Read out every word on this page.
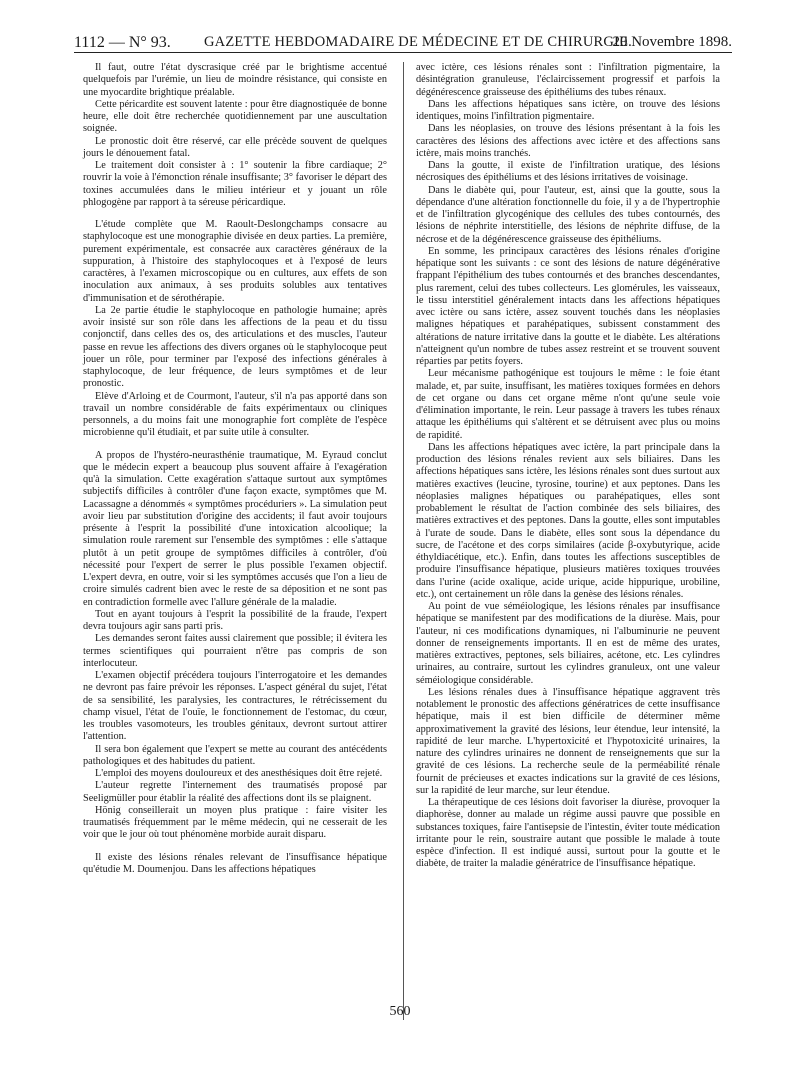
1112 — N° 93. GAZETTE HEBDOMADAIRE DE MÉDECINE ET DE CHIRURGIE.
20 Novembre 1898.

Il faut, outre l'état dyscrasique créé par le brightisme accentué quelquefois par l'urémie, un lieu de moindre résistance, qui consiste en une myocardite brightique préalable.

Cette péricardite est souvent latente : pour être diagnostiquée de bonne heure, elle doit être recherchée quotidiennement par une auscultation soignée.

Le pronostic doit être réservé, car elle précède souvent de quelques jours le dénouement fatal.

Le traitement doit consister à : 1° soutenir la fibre cardiaque; 2° rouvrir la voie à l'émonction rénale insuffisante; 3° favoriser le départ des toxines accumulées dans le milieu intérieur et y jouant un rôle phlogogène par rapport à ta séreuse péricardique.

L'étude complète que M. Raoult-Deslongchamps consacre au staphylocoque est une monographie divisée en deux parties. La première, purement expérimentale, est consacrée aux caractères généraux de la suppuration, à l'histoire des staphylocoques et à l'exposé de leurs caractères, à l'examen microscopique ou en cultures, aux effets de son inoculation aux animaux, à ses produits solubles aux tentatives d'immunisation et de sérothérapie.

La 2e partie étudie le staphylocoque en pathologie humaine; après avoir insisté sur son rôle dans les affections de la peau et du tissu conjonctif, dans celles des os, des articulations et des muscles, l'auteur passe en revue les affections des divers organes où le staphylocoque peut jouer un rôle, pour terminer par l'exposé des infections générales à staphylocoque, de leur fréquence, de leurs symptômes et de leur pronostic.

Elève d'Arloing et de Courmont, l'auteur, s'il n'a pas apporté dans son travail un nombre considérable de faits expérimentaux ou cliniques personnels, a du moins fait une monographie fort complète de l'espèce microbienne qu'il étudiait, et par suite utile à consulter.

A propos de l'hystéro-neurasthénie traumatique, M. Eyraud conclut que le médecin expert a beaucoup plus souvent affaire à l'exagération qu'à la simulation. Cette exagération s'attaque surtout aux symptômes subjectifs difficiles à contrôler d'une façon exacte, symptômes que M. Lacassagne a dénommés « symptômes procéduriers ». La simulation peut avoir lieu par substitution d'origine des accidents; il faut avoir toujours présente à l'esprit la possibilité d'une intoxication alcoolique; la simulation roule rarement sur l'ensemble des symptômes : elle s'attaque plutôt à un petit groupe de symptômes difficiles à contrôler, d'où nécessité pour l'expert de serrer le plus possible l'examen objectif. L'expert devra, en outre, voir si les symptômes accusés que l'on a lieu de croire simulés cadrent bien avec le reste de sa déposition et ne sont pas en contradiction formelle avec l'allure générale de la maladie.

Tout en ayant toujours à l'esprit la possibilité de la fraude, l'expert devra toujours agir sans parti pris.

Les demandes seront faites aussi clairement que possible; il évitera les termes scientifiques qui pourraient n'être pas compris de son interlocuteur.

L'examen objectif précédera toujours l'interrogatoire et les demandes ne devront pas faire prévoir les réponses. L'aspect général du sujet, l'état de sa sensibilité, les paralysies, les contractures, le rétrécissement du champ visuel, l'état de l'ouïe, le fonctionnement de l'estomac, du cœur, les troubles vasomoteurs, les troubles génitaux, devront surtout attirer l'attention.

Il sera bon également que l'expert se mette au courant des antécédents pathologiques et des habitudes du patient.

L'emploi des moyens douloureux et des anesthésiques doit être rejeté.

L'auteur regrette l'internement des traumatisés proposé par Seeligmüller pour établir la réalité des affections dont ils se plaignent.

Hönig conseillerait un moyen plus pratique : faire visiter les traumatisés fréquemment par le même médecin, qui ne cesserait de les voir que le jour où tout phénomène morbide aurait disparu.

Il existe des lésions rénales relevant de l'insuffisance hépatique qu'étudie M. Doumenjou. Dans les affections hépatiques

avec ictère, ces lésions rénales sont : l'infiltration pigmentaire, la désintégration granuleuse, l'éclaircissement progressif et parfois la dégénérescence graisseuse des épithéliums des tubes rénaux.

Dans les affections hépatiques sans ictère, on trouve des lésions identiques, moins l'infiltration pigmentaire.

Dans les néoplasies, on trouve des lésions présentant à la fois les caractères des lésions des affections avec ictère et des affections sans ictère, mais moins tranchés.

Dans la goutte, il existe de l'infiltration uratique, des lésions nécrosiques des épithéliums et des lésions irritatives de voisinage.

Dans le diabète qui, pour l'auteur, est, ainsi que la goutte, sous la dépendance d'une altération fonctionnelle du foie, il y a de l'hypertrophie et de l'infiltration glycogénique des cellules des tubes contournés, des lésions de néphrite interstitielle, des lésions de néphrite diffuse, de la nécrose et de la dégénérescence graisseuse des épithéliums.

En somme, les principaux caractères des lésions rénales d'origine hépatique sont les suivants : ce sont des lésions de nature dégénérative frappant l'épithélium des tubes contournés et des branches descendantes, plus rarement, celui des tubes collecteurs. Les glomérules, les vaisseaux, le tissu interstitiel généralement intacts dans les affections hépatiques avec ictère ou sans ictère, assez souvent touchés dans les néoplasies malignes hépatiques et parahépatiques, subissent constamment des altérations de nature irritative dans la goutte et le diabète. Les altérations n'atteignent qu'un nombre de tubes assez restreint et se trouvent souvent réparties par petits foyers.

Leur mécanisme pathogénique est toujours le même : le foie étant malade, et, par suite, insuffisant, les matières toxiques formées en dehors de cet organe ou dans cet organe même n'ont qu'une seule voie d'élimination importante, le rein. Leur passage à travers les tubes rénaux attaque les épithéliums qui s'altèrent et se détruisent avec plus ou moins de rapidité.

Dans les affections hépatiques avec ictère, la part principale dans la production des lésions rénales revient aux sels biliaires. Dans les affections hépatiques sans ictère, les lésions rénales sont dues surtout aux matières exactives (leucine, tyrosine, tourine) et aux peptones. Dans les néoplasies malignes hépatiques ou parahépatiques, elles sont probablement le résultat de l'action combinée des sels biliaires, des matières extractives et des peptones. Dans la goutte, elles sont imputables à l'urate de soude. Dans le diabète, elles sont sous la dépendance du sucre, de l'acétone et des corps similaires (acide β-oxybutyrique, acide éthyldiacétique, etc.). Enfin, dans toutes les affections susceptibles de produire l'insuffisance hépatique, plusieurs matières toxiques trouvées dans l'urine (acide oxalique, acide urique, acide hippurique, urobiline, etc.), ont certainement un rôle dans la genèse des lésions rénales.

Au point de vue séméiologique, les lésions rénales par insuffisance hépatique se manifestent par des modifications de la diurèse. Mais, pour l'auteur, ni ces modifications dynamiques, ni l'albuminurie ne peuvent donner de renseignements importants. Il en est de même des urates, matières extractives, peptones, sels biliaires, acétone, etc. Les cylindres urinaires, au contraire, surtout les cylindres granuleux, ont une valeur séméiologique considérable.

Les lésions rénales dues à l'insuffisance hépatique aggravent très notablement le pronostic des affections génératrices de cette insuffisance hépatique, mais il est bien difficile de déterminer même approximativement la gravité des lésions, leur étendue, leur intensité, la rapidité de leur marche. L'hypertoxicité et l'hypotoxicité urinaires, la nature des cylindres urinaires ne donnent de renseignements que sur la gravité de ces lésions. La recherche seule de la perméabilité rénale fournit de précieuses et exactes indications sur la gravité de ces lésions, sur la rapidité de leur marche, sur leur étendue.

La thérapeutique de ces lésions doit favoriser la diurèse, provoquer la diaphorèse, donner au malade un régime aussi pauvre que possible en substances toxiques, faire l'antisepsie de l'intestin, éviter toute médication irritante pour le rein, soustraire autant que possible le malade à toute espèce d'infection. Il est indiqué aussi, surtout pour la goutte et le diabète, de traiter la maladie génératrice de l'insuffisance hépatique.

560
